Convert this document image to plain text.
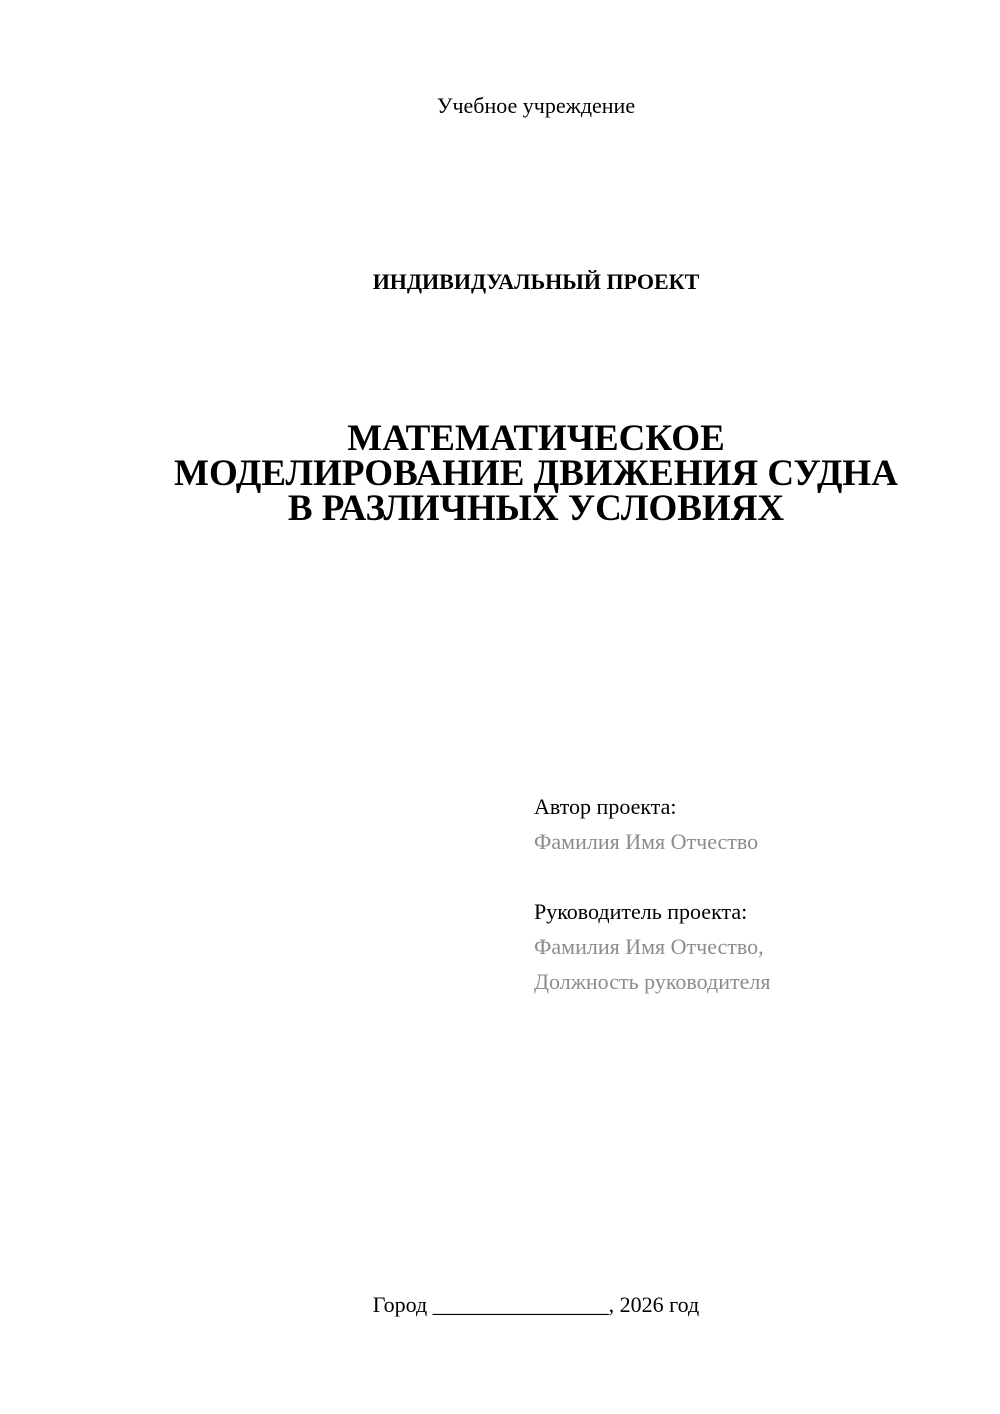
Учебное учреждение
ИНДИВИДУАЛЬНЫЙ ПРОЕКТ
МАТЕМАТИЧЕСКОЕ
МОДЕЛИРОВАНИЕ ДВИЖЕНИЯ СУДНА
В РАЗЛИЧНЫХ УСЛОВИЯХ
Автор проекта:
Фамилия Имя Отчество
Руководитель проекта:
Фамилия Имя Отчество,
Должность руководителя
Город ________________, 2026 год
